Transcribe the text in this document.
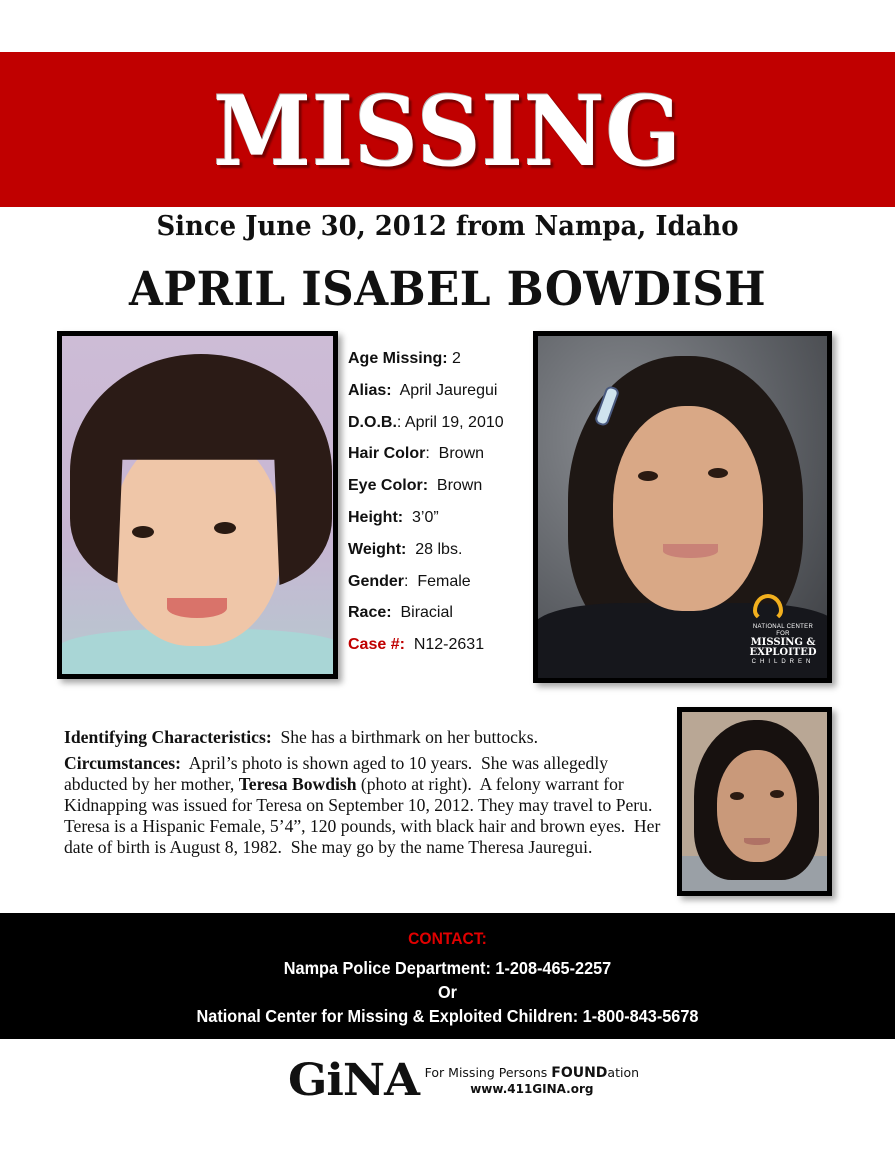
MISSING
Since June 30, 2012 from Nampa, Idaho
APRIL ISABEL BOWDISH
Age Missing: 2
Alias:  April Jauregui
D.O.B.: April 19, 2010
Hair Color:  Brown
Eye Color:  Brown
Height:  3’0”
Weight:  28 lbs.
Gender:  Female
Race:  Biracial
Case #:  N12-2631
NATIONAL CENTER FOR
MISSING &
EXPLOITED
CHILDREN

Identifying Characteristics:  She has a birthmark on her buttocks.

Circumstances:  April’s photo is shown aged to 10 years.  She was allegedly abducted by her mother, Teresa Bowdish (photo at right).  A felony warrant for Kidnapping was issued for Teresa on September 10, 2012. They may travel to Peru.  Teresa is a Hispanic Female, 5’4”, 120 pounds, with black hair and brown eyes.  Her date of birth is August 8, 1982.  She may go by the name Theresa Jauregui.

CONTACT:
Nampa Police Department: 1-208-465-2257
Or
National Center for Missing & Exploited Children: 1-800-843-5678
GiNA For Missing Persons FOUNDation
www.411GINA.org
